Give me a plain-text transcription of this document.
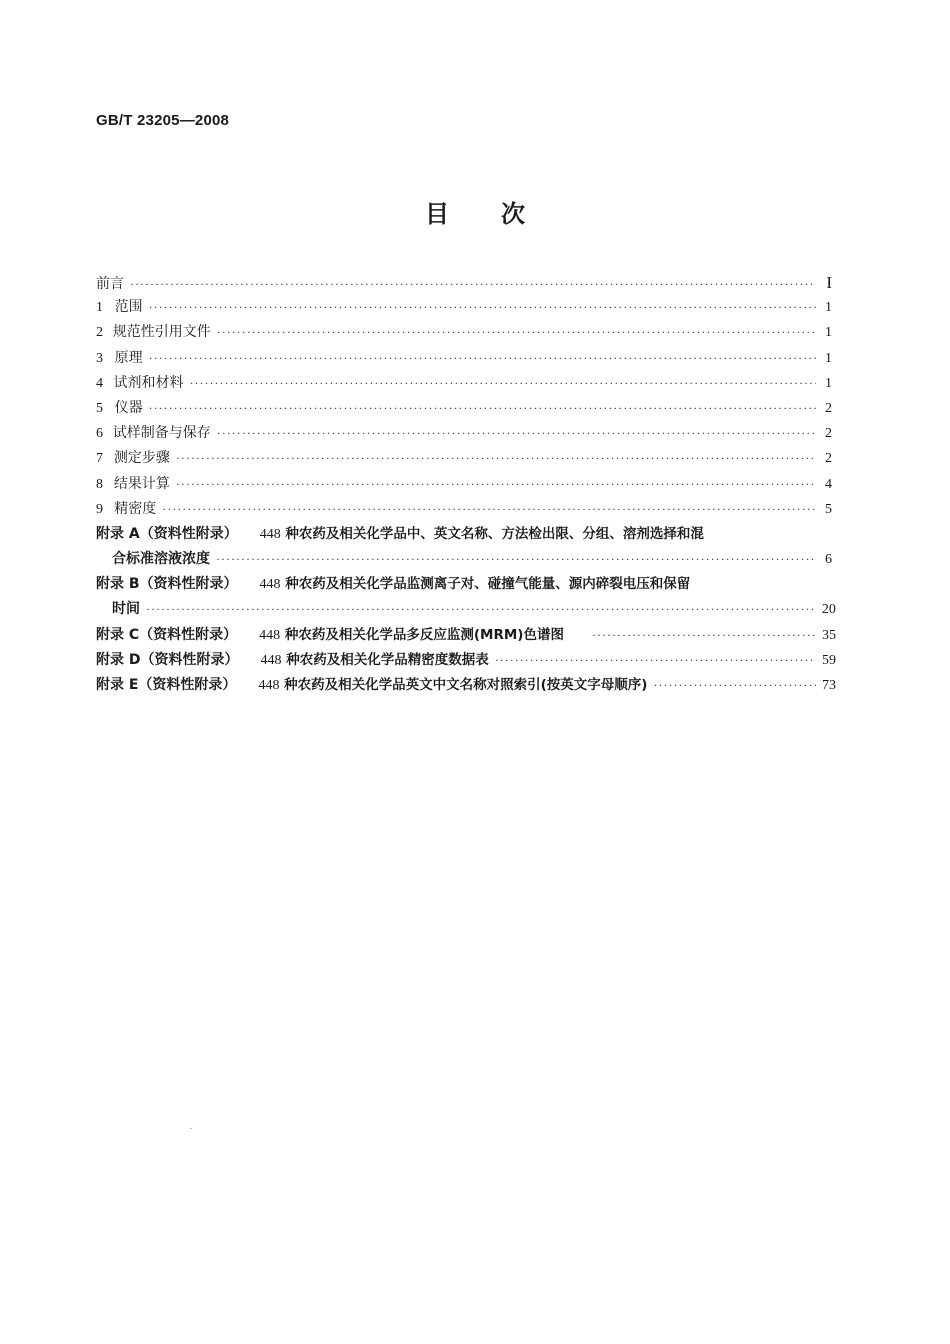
GB/T 23205—2008
目 次
前言 ·····	I
1 范围 ·····	1
2 规范性引用文件 ·····	1
3 原理 ·····	1
4 试剂和材料 ·····	1
5 仪器 ·····	2
6 试样制备与保存 ·····	2
7 测定步骤 ·····	2
8 结果计算 ·····	4
9 精密度 ·····	5
附录 A（资料性附录） 448 种农药及相关化学品中、英文名称、方法检出限、分组、溶剂选择和混
合标准溶液浓度 ·····	6
附录 B（资料性附录） 448 种农药及相关化学品监测离子对、碰撞气能量、源内碎裂电压和保留
时间 ·····	20
附录 C（资料性附录） 448 种农药及相关化学品多反应监测(MRM)色谱图 ·····	35
附录 D（资料性附录） 448 种农药及相关化学品精密度数据表 ·····	59
附录 E（资料性附录） 448 种农药及相关化学品英文中文名称对照索引(按英文字母顺序) ·····	73
